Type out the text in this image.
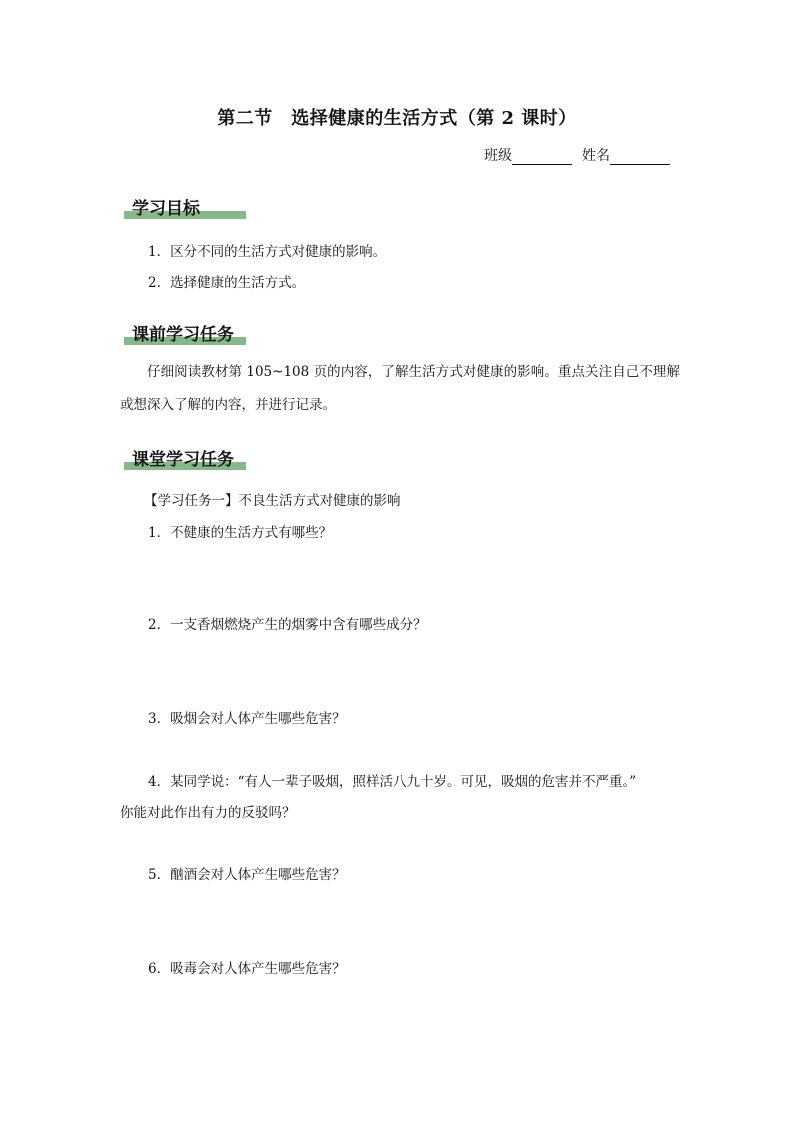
第二节　选择健康的生活方式（第 2 课时）
班级	姓名
学习目标
1．区分不同的生活方式对健康的影响。
2．选择健康的生活方式。
课前学习任务
仔细阅读教材第 105~108 页的内容，了解生活方式对健康的影响。重点关注自己不理解或想深入了解的内容，并进行记录。
课堂学习任务
【学习任务一】不良生活方式对健康的影响
1．不健康的生活方式有哪些？
2．一支香烟燃烧产生的烟雾中含有哪些成分？
3．吸烟会对人体产生哪些危害？
4．某同学说：“有人一辈子吸烟，照样活八九十岁。可见，吸烟的危害并不严重。”
你能对此作出有力的反驳吗？
5．酗酒会对人体产生哪些危害？
6．吸毒会对人体产生哪些危害？
